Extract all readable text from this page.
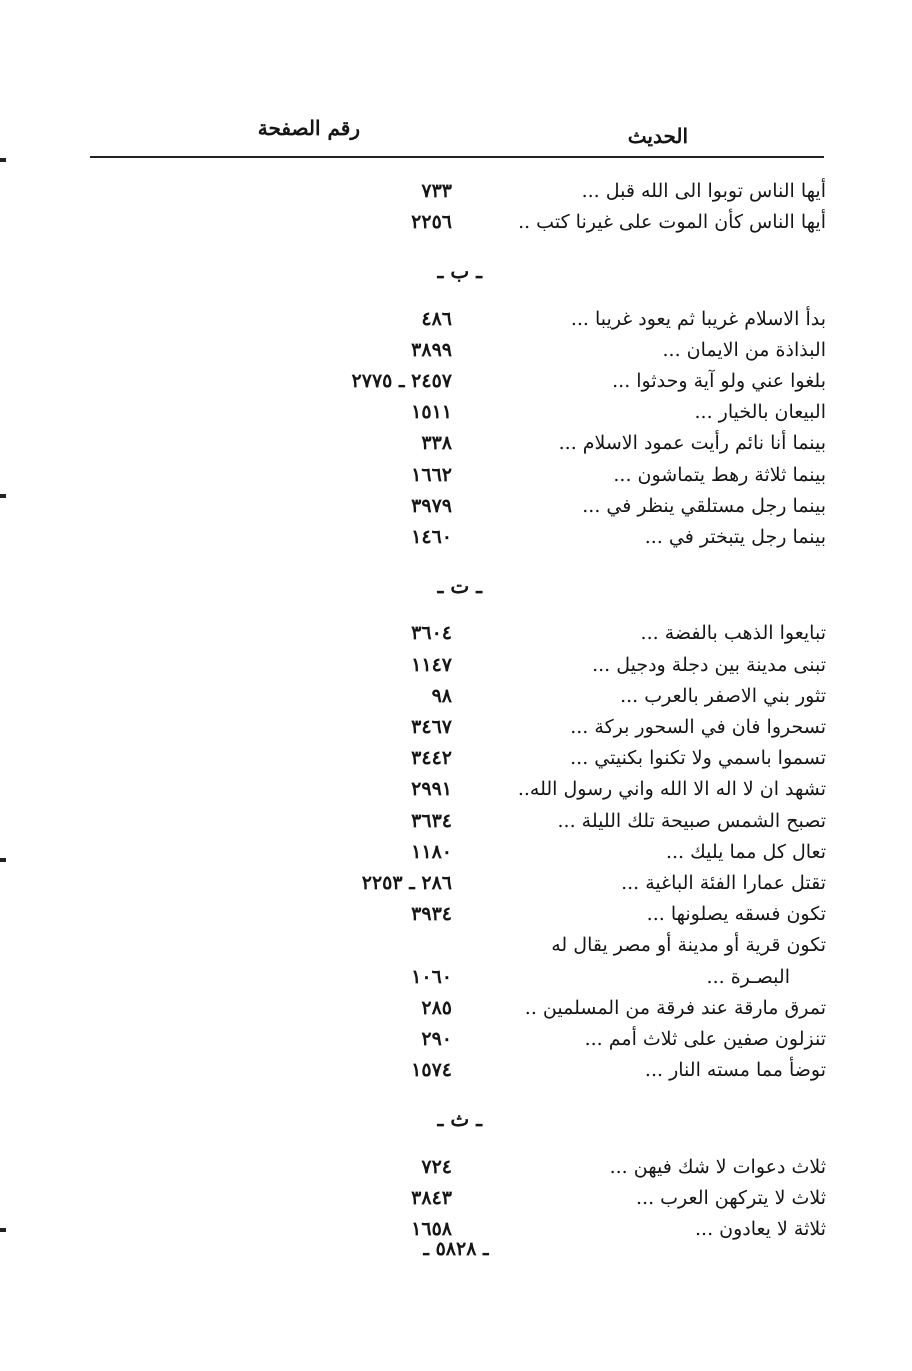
الحديث
رقم الصفحة
أيها الناس توبوا الى الله قبل ...
٧٣٣
أيها الناس كأن الموت على غيرنا كتب ..
٢٢٥٦
ـ ب ـ
بدأ الاسلام غريبا ثم يعود غريبا ...
٤٨٦
البذاذة من الايمان ...
٣٨٩٩
بلغوا عني ولو آية وحدثوا ...
٢٤٥٧ ـ ٢٧٧٥
البيعان بالخيار ...
١٥١١
بينما أنا نائم رأيت عمود الاسلام ...
٣٣٨
بينما ثلاثة رهط يتماشون ...
١٦٦٢
بينما رجل مستلقي ينظر في ...
٣٩٧٩
بينما رجل يتبختر في ...
١٤٦٠
ـ ت ـ
تبايعوا الذهب بالفضة ...
٣٦٠٤
تبنى مدينة بين دجلة ودجيل ...
١١٤٧
تثور بني الاصفر بالعرب ...
٩٨
تسحروا فان في السحور بركة ...
٣٤٦٧
تسموا باسمي ولا تكنوا بكنيتي ...
٣٤٤٢
تشهد ان لا اله الا الله واني رسول الله..
٢٩٩١
تصبح الشمس صبيحة تلك الليلة ...
٣٦٣٤
تعال كل مما يليك ...
١١٨٠
تقتل عمارا الفئة الباغية ...
٢٨٦ ـ ٢٢٥٣
تكون فسقه يصلونها ...
٣٩٣٤
تكون قرية أو مدينة أو مصر يقال له
البصـرة ...
١٠٦٠
تمرق مارقة عند فرقة من المسلمين ..
٢٨٥
تنزلون صفين على ثلاث أمم ...
٢٩٠
توضأ مما مسته النار ...
١٥٧٤
ـ ث ـ
ثلاث دعوات لا شك فيهن ...
٧٢٤
ثلاث لا يتركهن العرب ...
٣٨٤٣
ثلاثة لا يعادون ...
١٦٥٨
ـ ٥٨٢٨ ـ
